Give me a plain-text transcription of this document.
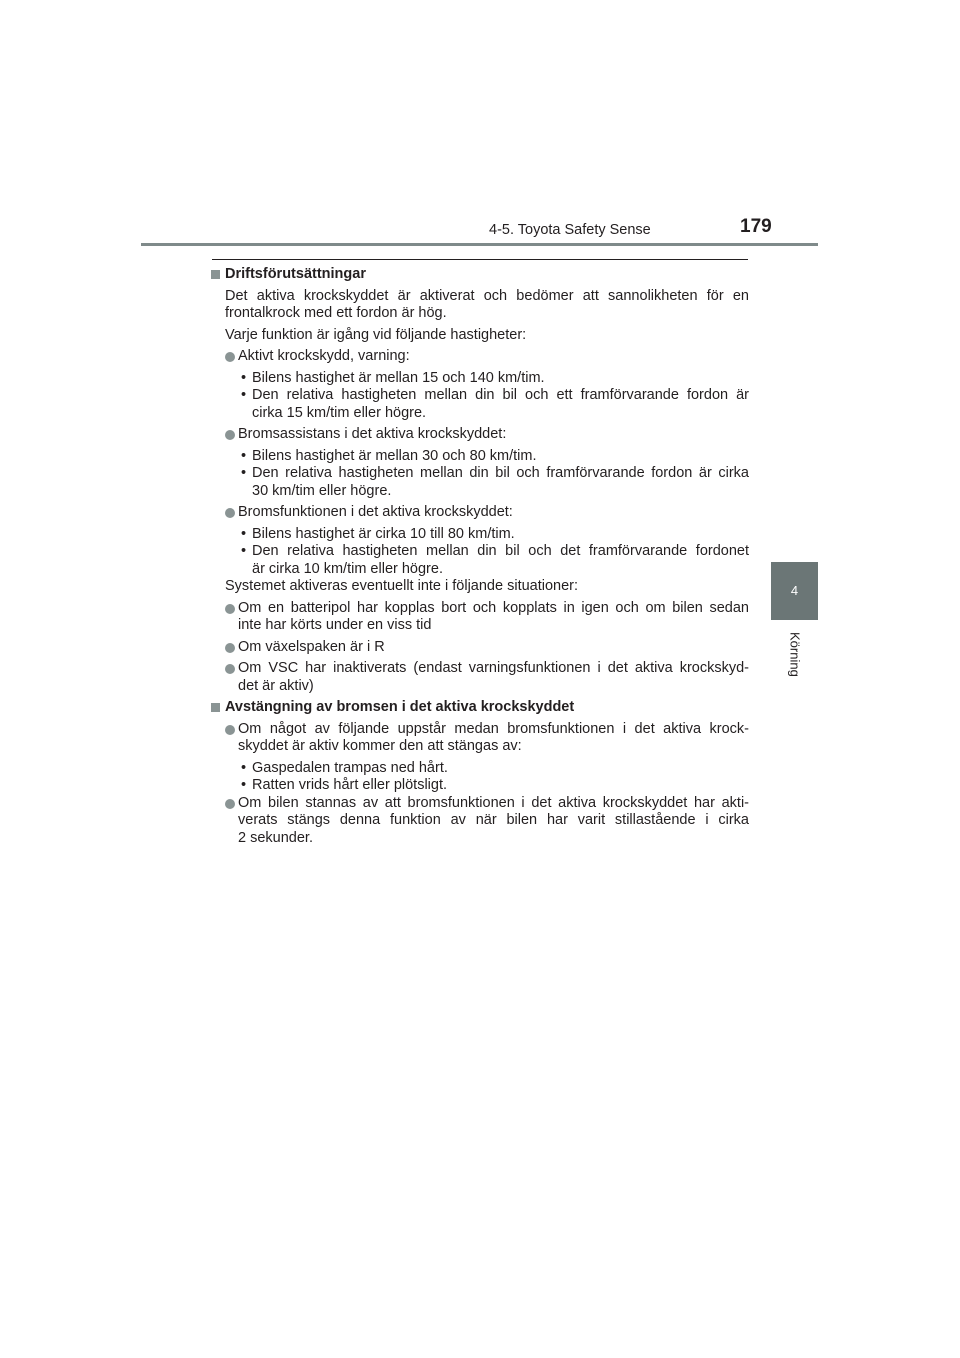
4-5. Toyota Safety Sense	179
4
Körning
Driftsförutsättningar
Det aktiva krockskyddet är aktiverat och bedömer att sannolikheten för en
frontalkrock med ett fordon är hög.
Varje funktion är igång vid följande hastigheter:
Aktivt krockskydd, varning:
• Bilens hastighet är mellan 15 och 140 km/tim.
• Den relativa hastigheten mellan din bil och ett framförvarande fordon är
cirka 15 km/tim eller högre.
Bromsassistans i det aktiva krockskyddet:
• Bilens hastighet är mellan 30 och 80 km/tim.
• Den relativa hastigheten mellan din bil och framförvarande fordon är cirka
30 km/tim eller högre.
Bromsfunktionen i det aktiva krockskyddet:
• Bilens hastighet är cirka 10 till 80 km/tim.
• Den relativa hastigheten mellan din bil och det framförvarande fordonet
är cirka 10 km/tim eller högre.
Systemet aktiveras eventuellt inte i följande situationer:
Om en batteripol har kopplas bort och kopplats in igen och om bilen sedan
inte har körts under en viss tid
Om växelspaken är i R
Om VSC har inaktiverats (endast varningsfunktionen i det aktiva krockskyd-
det är aktiv)
Avstängning av bromsen i det aktiva krockskyddet
Om något av följande uppstår medan bromsfunktionen i det aktiva krock-
skyddet är aktiv kommer den att stängas av:
• Gaspedalen trampas ned hårt.
• Ratten vrids hårt eller plötsligt.
Om bilen stannas av att bromsfunktionen i det aktiva krockskyddet har akti-
verats stängs denna funktion av när bilen har varit stillastående i cirka
2 sekunder.
